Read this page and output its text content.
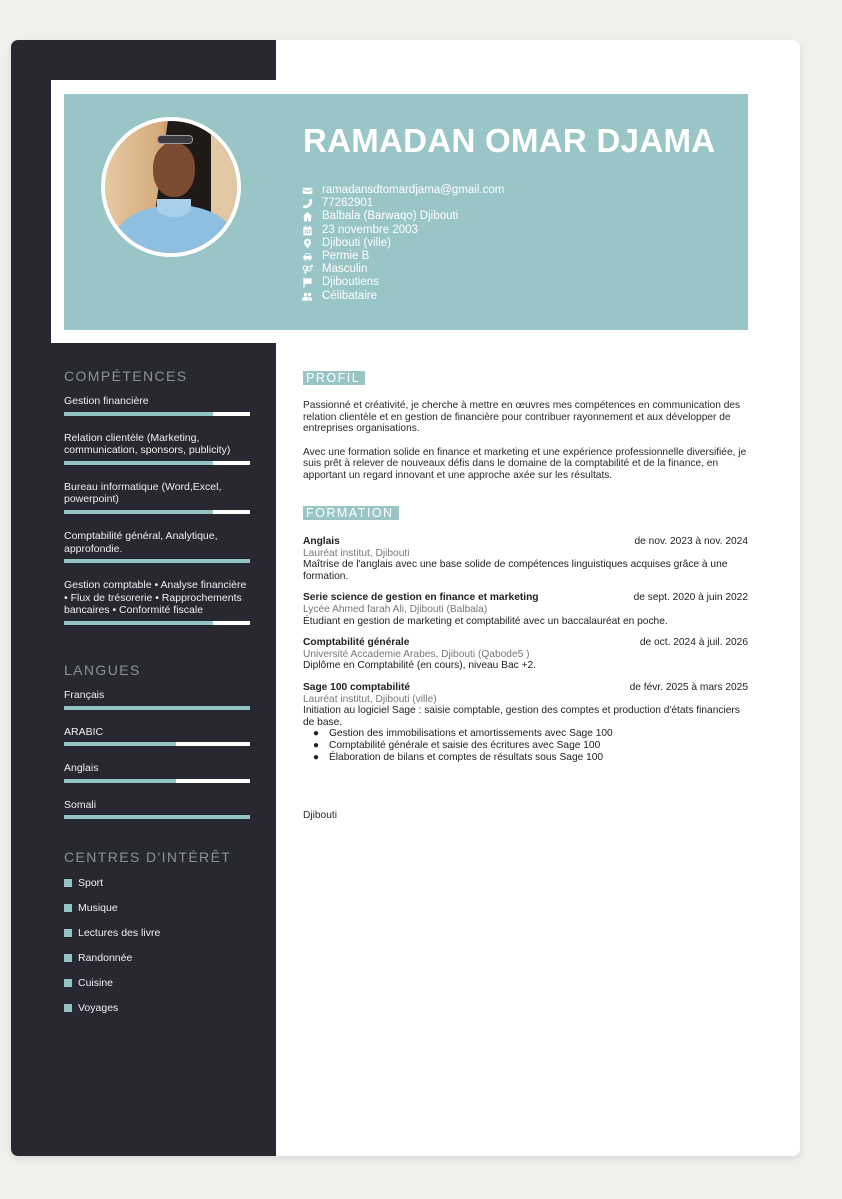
RAMADAN OMAR DJAMA
ramadansdtomardjama@gmail.com
77262901
Balbala (Barwaqo) Djibouti
23 novembre 2003
Djibouti (ville)
Permie B
Masculin
Djiboutiens
Célibataire
COMPÉTENCES
Gestion financière
Relation clientèle (Marketing, communication, sponsors, publicity)
Bureau informatique (Word,Excel, powerpoint)
Comptabilité général, Analytique, approfondie.
Gestion comptable • Analyse financière • Flux de trésorerie • Rapprochements bancaires • Conformité fiscale
LANGUES
Français
ARABIC
Anglais
Somali
CENTRES D'INTÉRÊT
Sport
Musique
Lectures des livre
Randonnée
Cuisine
Voyages
PROFIL
Passionné et créativité, je cherche à mettre en œuvres mes compétences en communication des relation clientèle et en gestion de financière pour contribuer rayonnement et aux développer de entreprises organisations.
Avec une formation solide en finance et marketing et une expérience professionnelle diversifiée, je suis prêt à relever de nouveaux défis dans le domaine de la comptabilité et de la finance, en apportant un regard innovant et une approche axée sur les résultats.
FORMATION
Anglais	de nov. 2023 à nov. 2024
Lauréat institut, Djibouti
Maîtrise de l'anglais avec une base solide de compétences linguistiques acquises grâce à une formation.
Serie science de gestion en finance et marketing	de sept. 2020 à juin 2022
Lycée Ahmed farah Ali, Djibouti (Balbala)
Étudiant en gestion de marketing et comptabilité avec un baccalauréat en poche.
Comptabilité générale	de oct. 2024 à juil. 2026
Université Accademie Arabes, Djibouti (Qabode5 )
Diplôme en Comptabilité (en cours), niveau Bac +2.
Sage 100 comptabilité	de févr. 2025 à mars 2025
Lauréat institut, Djibouti (ville)
Initiation au logiciel Sage : saisie comptable, gestion des comptes et production d'états financiers de base.
● Gestion des immobilisations et amortissements avec Sage 100
● Comptabilité générale et saisie des écritures avec Sage 100
● Élaboration de bilans et comptes de résultats sous Sage 100
Djibouti
